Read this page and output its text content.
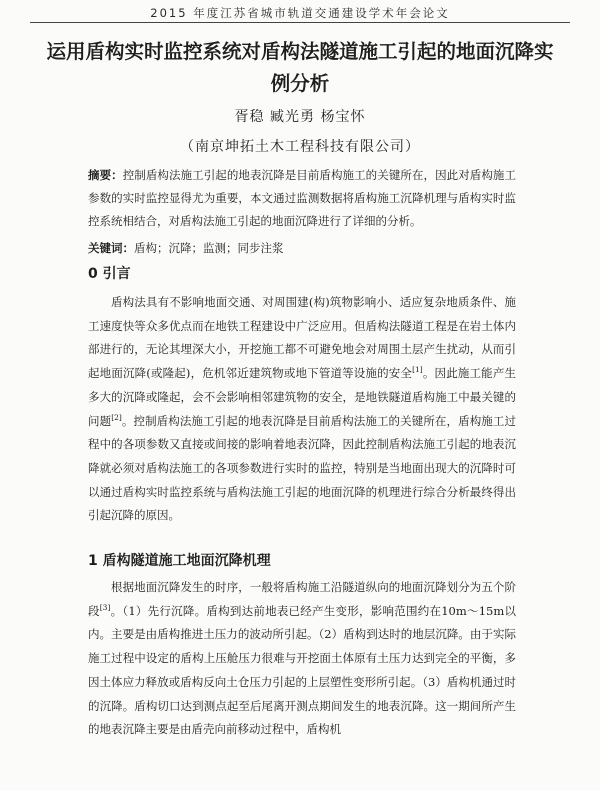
2015 年度江苏省城市轨道交通建设学术年会论文
运用盾构实时监控系统对盾构法隧道施工引起的地面沉降实例分析
胥稳 臧光勇 杨宝怀
（南京坤拓土木工程科技有限公司）
摘要：控制盾构法施工引起的地表沉降是目前盾构施工的关键所在，因此对盾构施工参数的实时监控显得尤为重要，本文通过监测数据将盾构施工沉降机理与盾构实时监控系统相结合，对盾构法施工引起的地面沉降进行了详细的分析。
关键词：盾构；沉降；监测；同步注浆
0 引言
盾构法具有不影响地面交通、对周围建(构)筑物影响小、适应复杂地质条件、施工速度快等众多优点而在地铁工程建设中广泛应用。但盾构法隧道工程是在岩土体内部进行的，无论其埋深大小，开挖施工都不可避免地会对周围土层产生扰动，从而引起地面沉降(或隆起)，危机邻近建筑物或地下管道等设施的安全[1]。因此施工能产生多大的沉降或隆起，会不会影响相邻建筑物的安全，是地铁隧道盾构施工中最关键的问题[2]。控制盾构法施工引起的地表沉降是目前盾构法施工的关键所在，盾构施工过程中的各项参数又直接或间接的影响着地表沉降，因此控制盾构法施工引起的地表沉降就必须对盾构法施工的各项参数进行实时的监控，特别是当地面出现大的沉降时可以通过盾构实时监控系统与盾构法施工引起的地面沉降的机理进行综合分析最终得出引起沉降的原因。
1 盾构隧道施工地面沉降机理
根据地面沉降发生的时序，一般将盾构施工沿隧道纵向的地面沉降划分为五个阶段[3]。（1）先行沉降。盾构到达前地表已经产生变形，影响范围约在10m～15m以内。主要是由盾构推进土压力的波动所引起。（2）盾构到达时的地层沉降。由于实际施工过程中设定的盾构上压舱压力很难与开挖面土体原有土压力达到完全的平衡，多因土体应力释放或盾构反向土仓压力引起的上层塑性变形所引起。（3）盾构机通过时的沉降。盾构切口达到测点起至后尾离开测点期间发生的地表沉降。这一期间所产生的地表沉降主要是由盾壳向前移动过程中，盾构机
